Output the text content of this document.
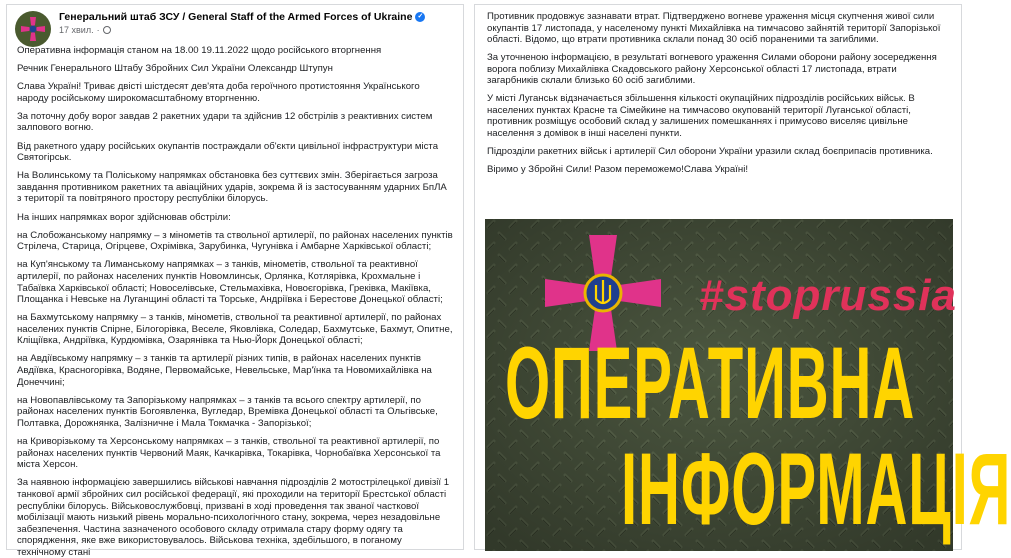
Генеральний штаб ЗСУ / General Staff of the Armed Forces of Ukraine ✓
17 хвил. ·

Оперативна інформація станом на 18.00 19.11.2022 щодо російського вторгнення

Речник Генерального Штабу Збройних Сил України Олександр Штупун

Слава Україні! Триває двісті шістдесят дев'ята доба героїчного протистояння Українського народу російському широкомасштабному вторгненню.

За поточну добу ворог завдав 2 ракетних удари та здійснив 12 обстрілів з реактивних систем залпового вогню.

Від ракетного удару російських окупантів постраждали об'єкти цивільної інфраструктури міста Святогірськ.

На Волинському та Поліському напрямках обстановка без суттєвих змін. Зберігається загроза завдання противником ракетних та авіаційних ударів, зокрема й із застосуванням ударних БпЛА з території та повітряного простору республіки білорусь.

На інших напрямках ворог здійснював обстріли:

на Слобожанському напрямку – з мінометів та ствольної артилерії, по районах населених пунктів Стрілеча, Старица, Огірцеве, Охрімівка, Зарубинка, Чугунівка і Амбарне Харківської області;

на Куп'янському та Лиманському напрямках – з танків, мінометів, ствольної та реактивної артилерії, по районах населених пунктів Новомлинськ, Орлянка, Котлярівка, Крохмальне і Табаївка Харківської області; Новоселівське, Стельмахівка, Новоєгорівка, Греківка, Макіївка, Площанка і Невське на Луганщині області та Торське, Андріївка і Берестове Донецької області;

на Бахмутському напрямку – з танків, мінометів, ствольної та реактивної артилерії, по районах населених пунктів Спірне, Білогорівка, Веселе, Яковлівка, Соледар, Бахмутське, Бахмут, Опитне, Кліщіївка, Андріївка, Курдюмівка, Озарянівка та Нью-Йорк Донецької області;

на Авдіївському напрямку – з танків та артилерії різних типів, в районах населених пунктів Авдіївка, Красногорівка, Водяне, Первомайське, Невельське, Мар'їнка та Новомихайлівка на Донеччині;

на Новопавлівському та Запорізькому напрямках – з танків та всього спектру артилерії, по районах населених пунктів Богоявленка, Вугледар, Времівка Донецької області та Ольгівське, Полтавка, Дорожнянка, Залізничне і Мала Токмачка - Запорізької;

на Криворізькому та Херсонському напрямках – з танків, ствольної та реактивної артилерії, по районах населених пунктів Червоний Маяк, Качкарівка, Токарівка, Чорнобаївка Херсонської та міста Херсон.

За наявною інформацією завершились військові навчання підрозділів 2 мотострілецької дивізії 1 танкової армії збройних сил російської федерації, які проходили на території Брестської області республіки білорусь. Військовослужбовці, призвані в ході проведення так званої часткової мобілізації мають низький рівень морально-психологічного стану, зокрема, через незадовільне забезпечення. Частина зазначеного особового складу отримала стару форму одягу та спорядження, яке вже використовувалось. Військова техніка, здебільшого, в поганому технічному стані

Противник продовжує зазнавати втрат. Підтверджено вогневе ураження місця скупчення живої сили окупантів 17 листопада, у населеному пункті Михайлівка на тимчасово зайнятій території Запорізької області. Відомо, що втрати противника склали понад 30 осіб пораненими та загиблими.

За уточненою інформацією, в результаті вогневого ураження Силами оборони району зосередження ворога поблизу Михайлівка Скадовського району Херсонської області 17 листопада, втрати загарбників склали близько 60 осіб загиблими.

У місті Луганськ відзначається збільшення кількості окупаційних підрозділів російських військ. В населених пунктах Красне та Сімейкине на тимчасово окупованій території Луганської області, противник розміщує особовий склад у залишених помешканнях і примусово виселяє цивільне населення з домівок в інші населені пункти.

Підрозділи ракетних військ і артилерії Сил оборони України уразили склад боєприпасів противника.

Віримо у Збройні Сили! Разом переможемо!Слава Україні!

#stoprussia
ОПЕРАТИВНА
ІНФОРМАЦІЯ
